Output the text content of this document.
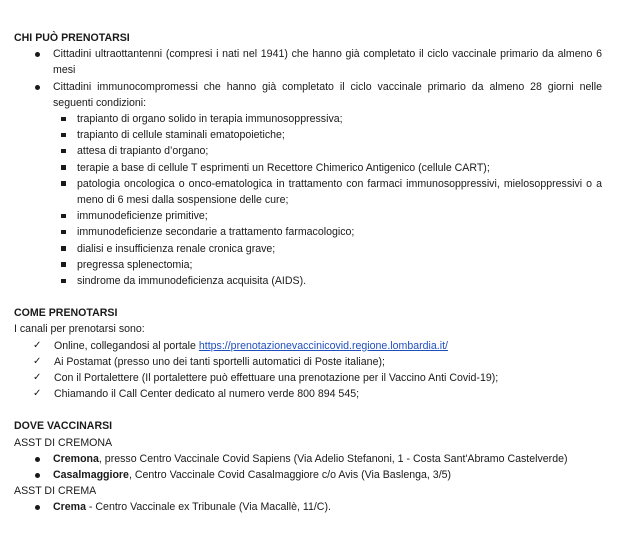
CHI PUÒ PRENOTARSI

Cittadini ultraottantenni (compresi i nati nel 1941) che hanno già completato il ciclo vaccinale primario da almeno 6 mesi
Cittadini immunocompromessi che hanno già completato il ciclo vaccinale primario da almeno 28 giorni nelle seguenti condizioni:
trapianto di organo solido in terapia immunosoppressiva;
trapianto di cellule staminali ematopoietiche;
attesa di trapianto d’organo;
terapie a base di cellule T esprimenti un Recettore Chimerico Antigenico (cellule CART);
patologia oncologica o onco-ematologica in trattamento con farmaci immunosoppressivi, mielosoppressivi o a meno di 6 mesi dalla sospensione delle cure;
immunodeficienze primitive;
immunodeficienze secondarie a trattamento farmacologico;
dialisi e insufficienza renale cronica grave;
pregressa splenectomia;
sindrome da immunodeficienza acquisita (AIDS).

COME PRENOTARSI

I canali per prenotarsi sono:

✓ Online, collegandosi al portale https://prenotazionevaccinicovid.regione.lombardia.it/
✓ Ai Postamat (presso uno dei tanti sportelli automatici di Poste italiane);
✓ Con il Portalettere (Il portalettere può effettuare una prenotazione per il Vaccino Anti Covid-19);
✓ Chiamando il Call Center dedicato al numero verde 800 894 545;

DOVE VACCINARSI

ASST DI CREMONA

Cremona, presso Centro Vaccinale Covid Sapiens (Via Adelio Stefanoni, 1 - Costa Sant'Abramo Castelverde)
Casalmaggiore, Centro Vaccinale Covid Casalmaggiore c/o Avis (Via Baslenga, 3/5)

ASST DI CREMA

Crema - Centro Vaccinale ex Tribunale (Via Macallè, 11/C).
